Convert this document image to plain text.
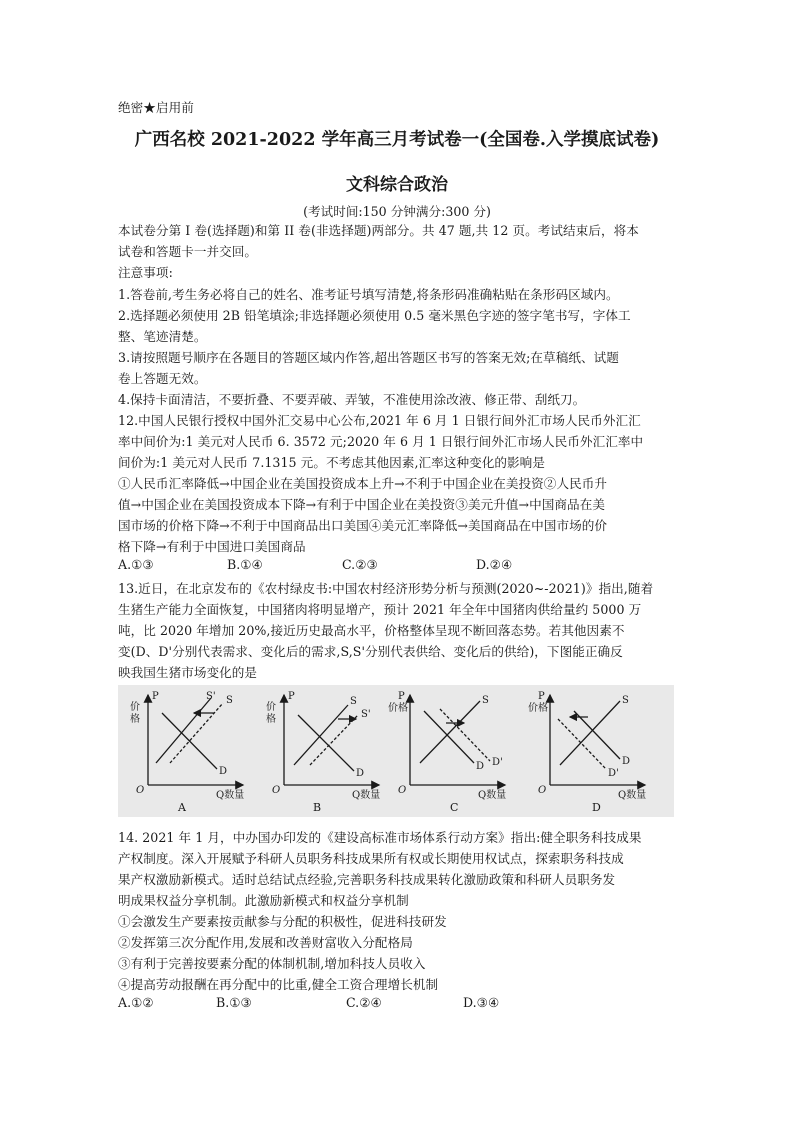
绝密★启用前
广西名校 2021-2022 学年高三月考试卷一(全国卷.入学摸底试卷)
文科综合政治
(考试时间:150 分钟满分:300 分)
本试卷分第 I 卷(选择题)和第 II 卷(非选择题)两部分。共 47 题,共 12 页。考试结束后，将本
试卷和答题卡一并交回。
注意事项:
1.答卷前,考生务必将自己的姓名、准考证号填写清楚,将条形码准确粘贴在条形码区域内。
2.选择题必须使用 2B 铅笔填涂;非选择题必须使用 0.5 毫米黑色字迹的签字笔书写，字体工
整、笔迹清楚。
3.请按照题号顺序在各题目的答题区域内作答,超出答题区书写的答案无效;在草稿纸、试题
卷上答题无效。
4.保持卡面清洁，不要折叠、不要弄破、弄皱，不准使用涂改液、修正带、刮纸刀。
12.中国人民银行授权中国外汇交易中心公布,2021 年 6 月 1 日银行间外汇市场人民币外汇汇
率中间价为:1 美元对人民币 6. 3572 元;2020 年 6 月 1 日银行间外汇市场人民币外汇汇率中
间价为:1 美元对人民币 7.1315 元。不考虑其他因素,汇率这种变化的影响是
①人民币汇率降低→中国企业在美国投资成本上升→不利于中国企业在美投资②人民币升
值→中国企业在美国投资成本下降→有利于中国企业在美投资③美元升值→中国商品在美
国市场的价格下降→不利于中国商品出口美国④美元汇率降低→美国商品在中国市场的价
格下降→有利于中国进口美国商品
A.①③	B.①④	C.②③	D.②④
13.近日，在北京发布的《农村绿皮书:中国农村经济形势分析与预测(2020~-2021)》指出,随着
生猪生产能力全面恢复，中国猪肉将明显增产，预计 2021 年全年中国猪肉供给量约 5000 万
吨，比 2020 年增加 20%,接近历史最高水平，价格整体呈现不断回落态势。若其他因素不
变(D、D'分别代表需求、变化后的需求,S,S'分别代表供给、变化后的供给)，下图能正确反
映我国生猪市场变化的是
P
价
格
O	Q数量
S' S
D
A
P
价
格
O	Q数量
S
S'
D
B
P
价格
O	Q数量
S
D D'
C
P
价格
O	Q数量
S
D
D'
D
14. 2021 年 1 月，中办国办印发的《建设高标准市场体系行动方案》指出:健全职务科技成果
产权制度。深入开展赋予科研人员职务科技成果所有权或长期使用权试点，探索职务科技成
果产权激励新模式。适时总结试点经验,完善职务科技成果转化激励政策和科研人员职务发
明成果权益分享机制。此激励新模式和权益分享机制
①会激发生产要素按贡献参与分配的积极性，促进科技研发
②发挥第三次分配作用,发展和改善财富收入分配格局
③有利于完善按要素分配的体制机制,增加科技人员收入
④提高劳动报酬在再分配中的比重,健全工资合理增长机制
A.①②	B.①③	C.②④	D.③④
